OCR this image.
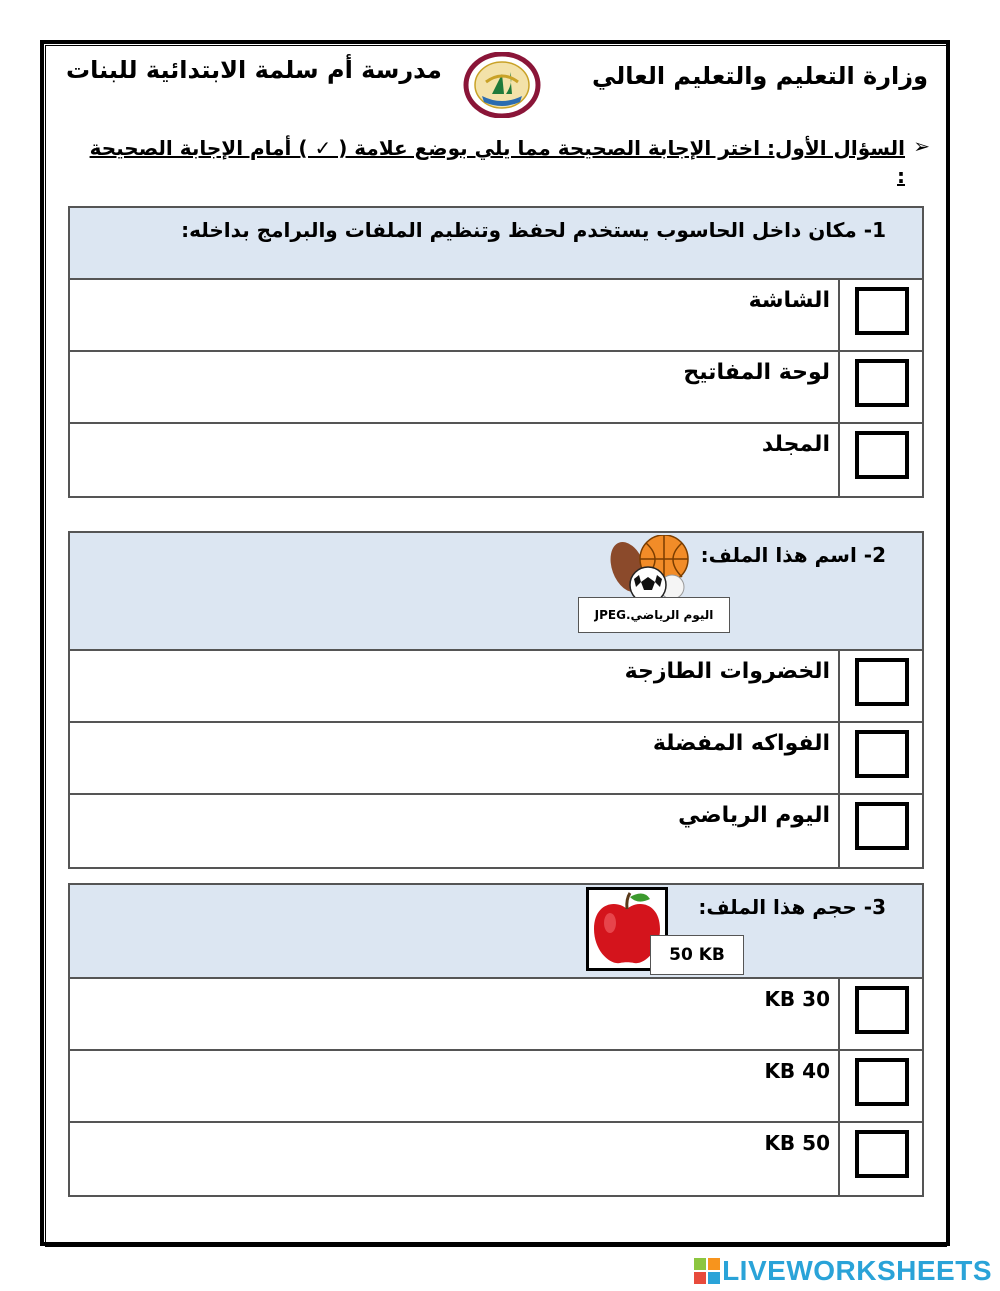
وزارة التعليم والتعليم العالي
مدرسة أم سلمة الابتدائية للبنات
السؤال الأول: اختر الإجابة الصحيحة مما يلي بوضع علامة ( ✓ ) أمام الإجابة الصحيحة :
➢
1- مكان داخل الحاسوب يستخدم لحفظ وتنظيم الملفات والبرامج بداخله:
الشاشة
لوحة المفاتيح
المجلد
2- اسم هذا الملف:
اليوم الرياضي.JPEG
الخضروات الطازجة
الفواكه المفضلة
اليوم الرياضي
3- حجم هذا الملف:
50 KB
30 KB
40 KB
50 KB
LIVEWORKSHEETS
